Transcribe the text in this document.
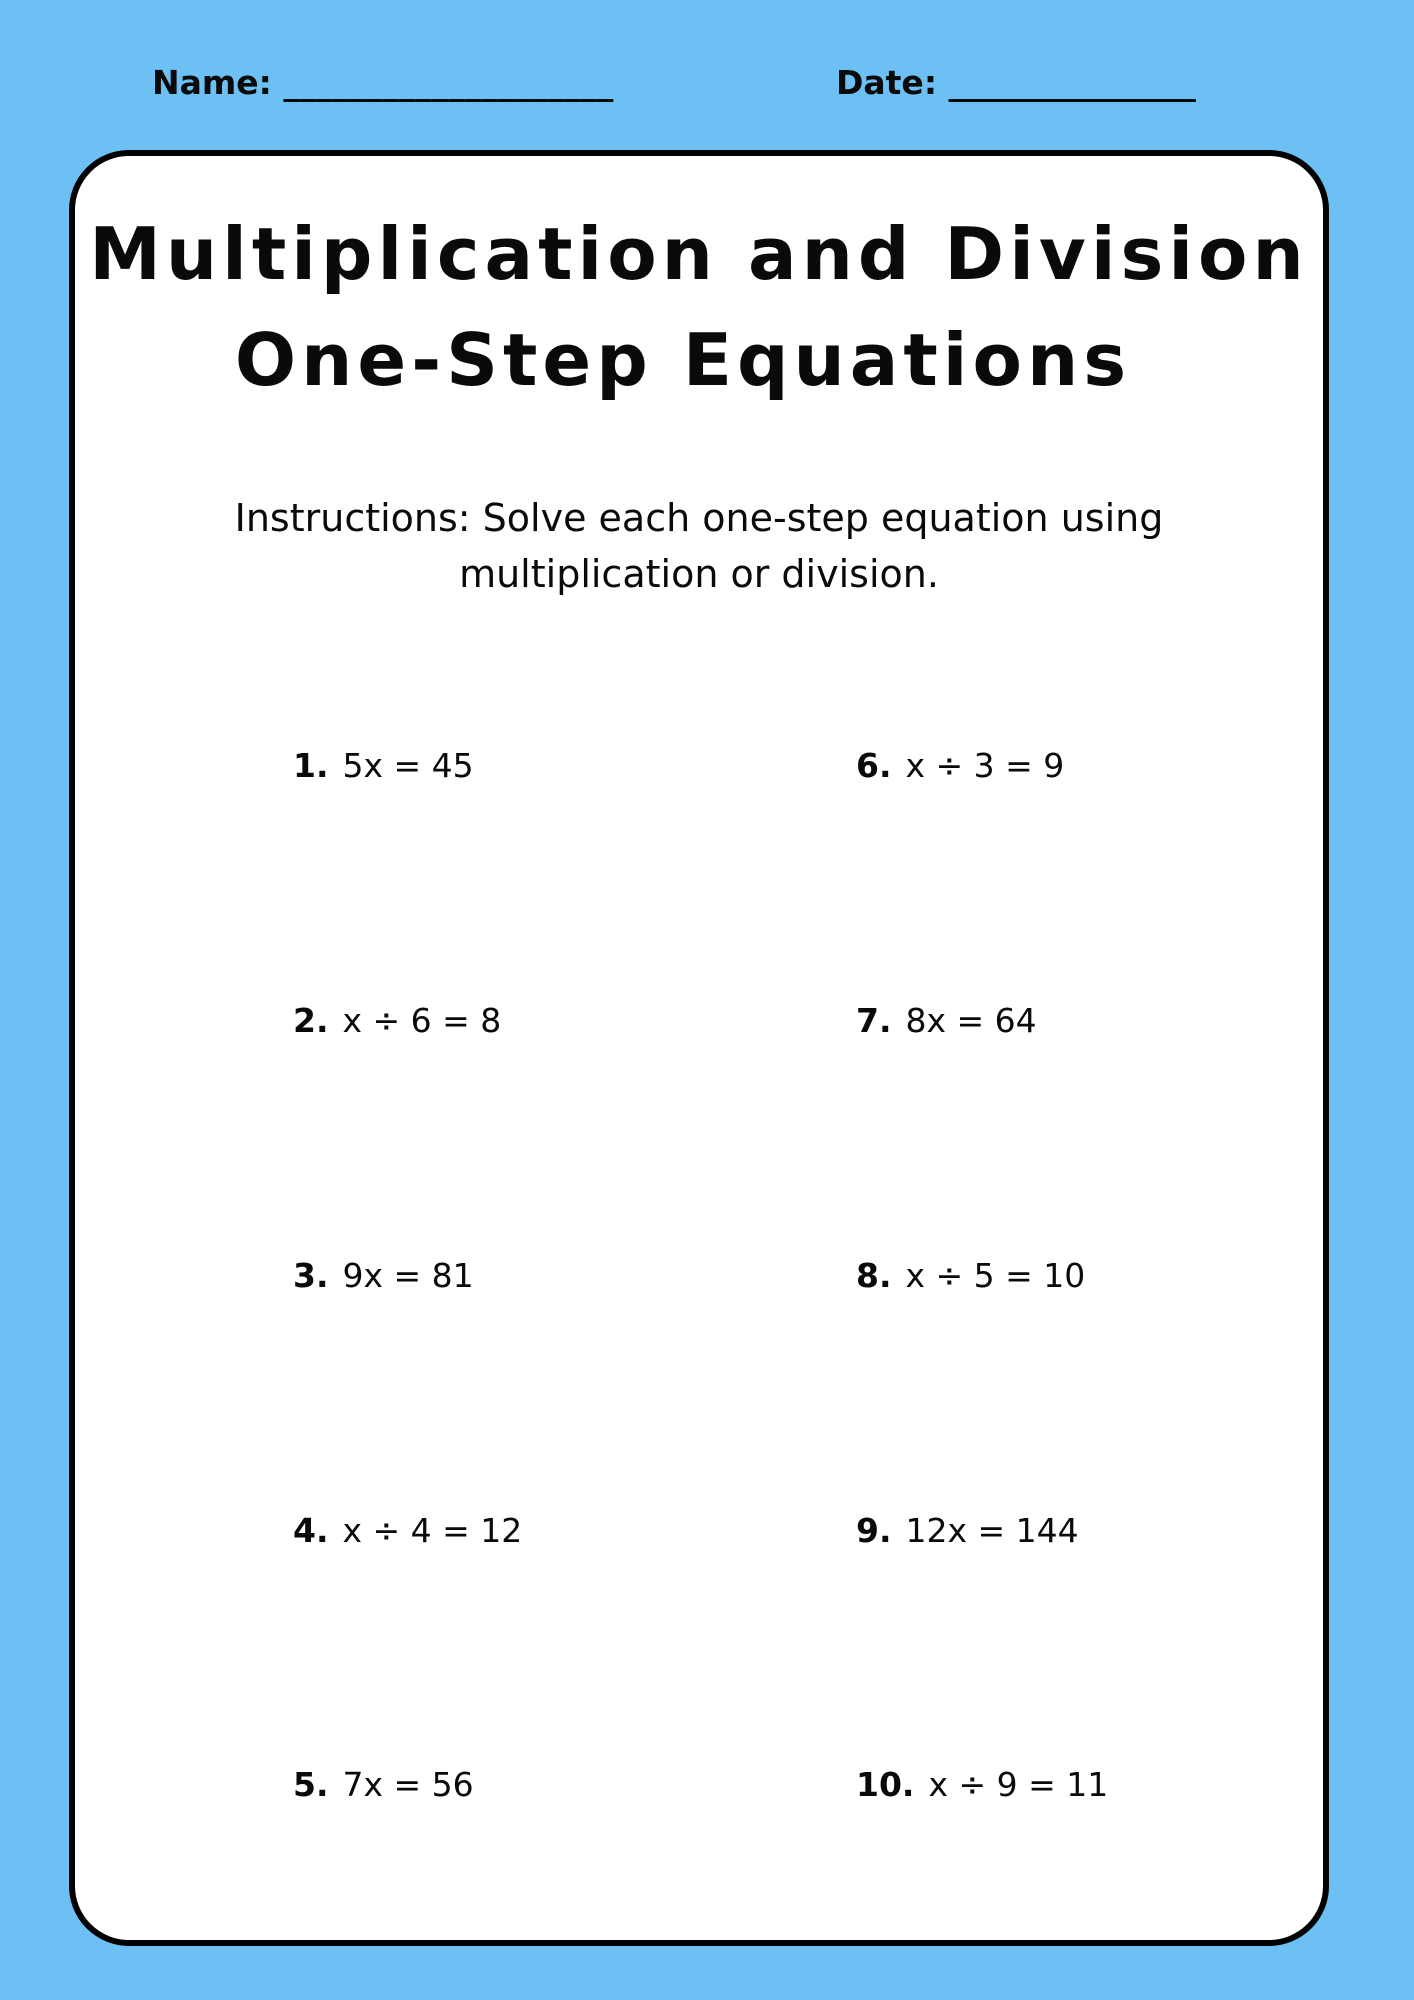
Name: ____________________	Date: _______________
Multiplication and Division
One-Step Equations
Instructions: Solve each one-step equation using
multiplication or division.
1. 5x = 45
2. x ÷ 6 = 8
3. 9x = 81
4. x ÷ 4 = 12
5. 7x = 56
6. x ÷ 3 = 9
7. 8x = 64
8. x ÷ 5 = 10
9. 12x = 144
10. x ÷ 9 = 11
